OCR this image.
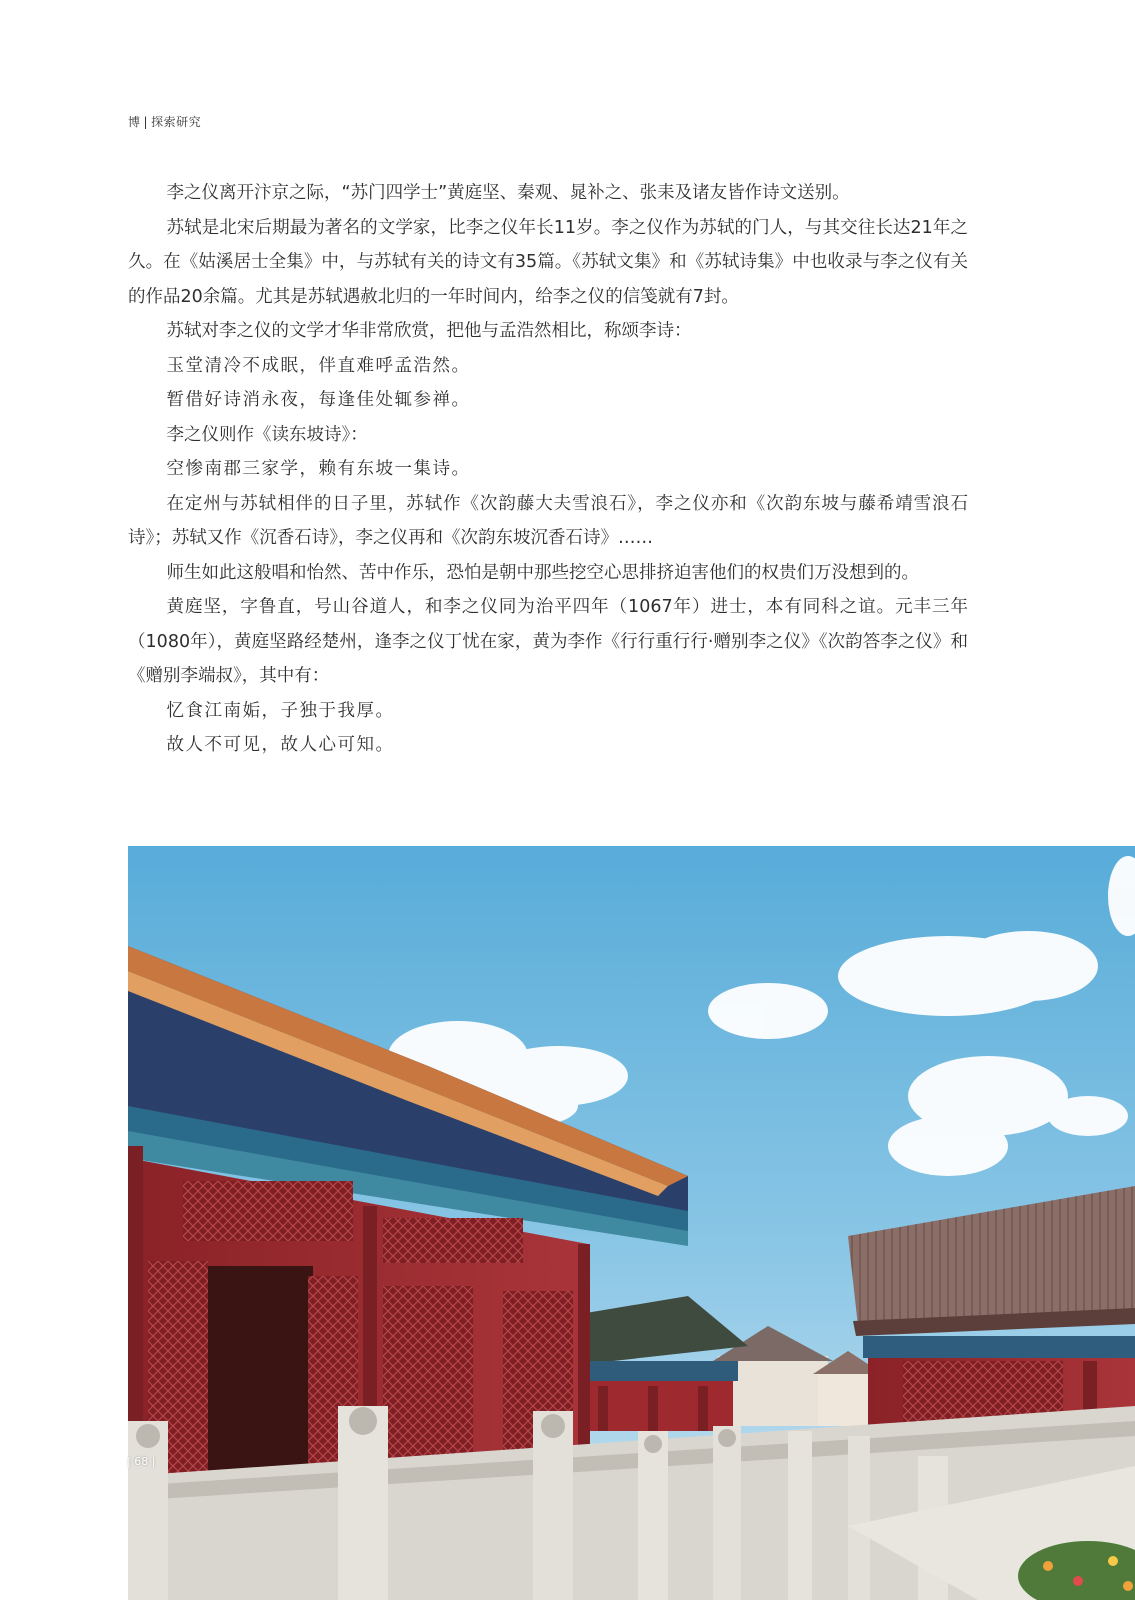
博 | 探索研究

李之仪离开汴京之际，“苏门四学士”黄庭坚、秦观、晁补之、张耒及诸友皆作诗文送别。

苏轼是北宋后期最为著名的文学家，比李之仪年长11岁。李之仪作为苏轼的门人，与其交往长达21年之久。在《姑溪居士全集》中，与苏轼有关的诗文有35篇。《苏轼文集》和《苏轼诗集》中也收录与李之仪有关的作品20余篇。尤其是苏轼遇赦北归的一年时间内，给李之仪的信笺就有7封。

苏轼对李之仪的文学才华非常欣赏，把他与孟浩然相比，称颂李诗：

玉堂清冷不成眠，伴直难呼孟浩然。

暂借好诗消永夜，每逢佳处辄参禅。

李之仪则作《读东坡诗》：

空惨南郡三家学，赖有东坡一集诗。

在定州与苏轼相伴的日子里，苏轼作《次韵藤大夫雪浪石》，李之仪亦和《次韵东坡与藤希靖雪浪石诗》；苏轼又作《沉香石诗》，李之仪再和《次韵东坡沉香石诗》……

师生如此这般唱和怡然、苦中作乐，恐怕是朝中那些挖空心思排挤迫害他们的权贵们万没想到的。

黄庭坚，字鲁直，号山谷道人，和李之仪同为治平四年（1067年）进士，本有同科之谊。元丰三年（1080年），黄庭坚路经楚州，逢李之仪丁忧在家，黄为李作《行行重行行·赠别李之仪》《次韵答李之仪》和《赠别李端叔》，其中有：

忆食江南姤，子独于我厚。

故人不可见，故人心可知。

| 68 |
